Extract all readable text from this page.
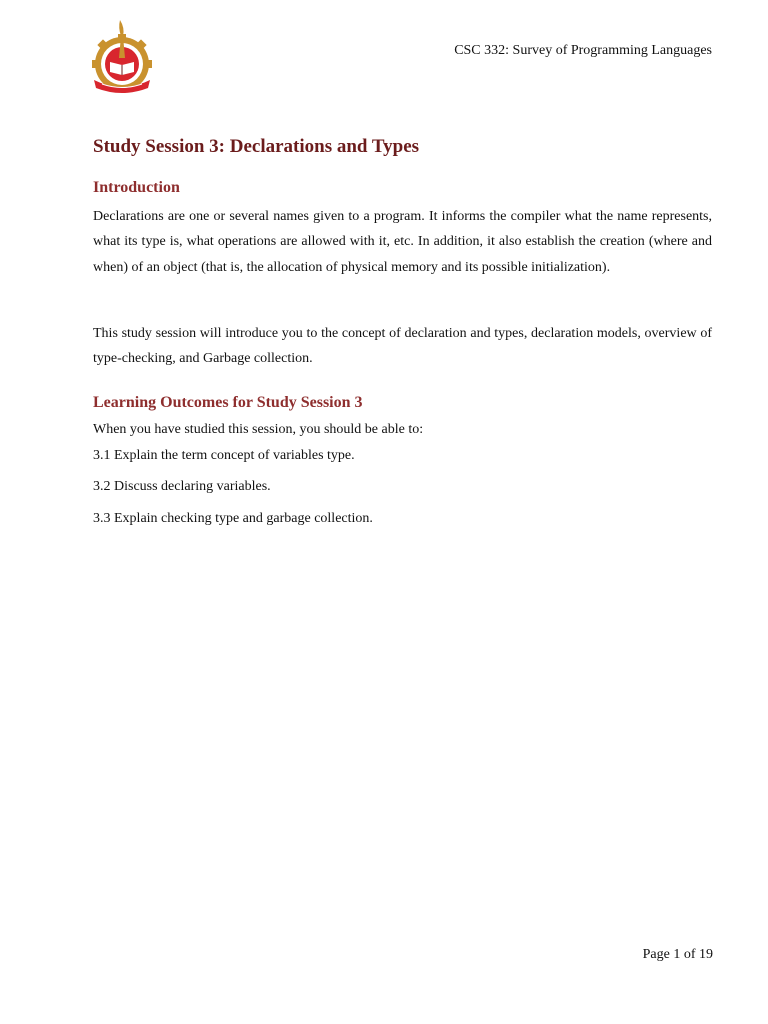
CSC 332: Survey of Programming Languages
Study Session 3: Declarations and Types
Introduction

Declarations are one or several names given to a program. It informs the compiler what the name represents, what its type is, what operations are allowed with it, etc. In addition, it also establish the creation (where and when) of an object (that is, the allocation of physical memory and its possible initialization).

This study session will introduce you to the concept of declaration and types, declaration models, overview of type-checking, and Garbage collection.

Learning Outcomes for Study Session 3

When you have studied this session, you should be able to:

3.1 Explain the term concept of variables type.

3.2 Discuss declaring variables.

3.3 Explain checking type and garbage collection.

Page 1 of 19
